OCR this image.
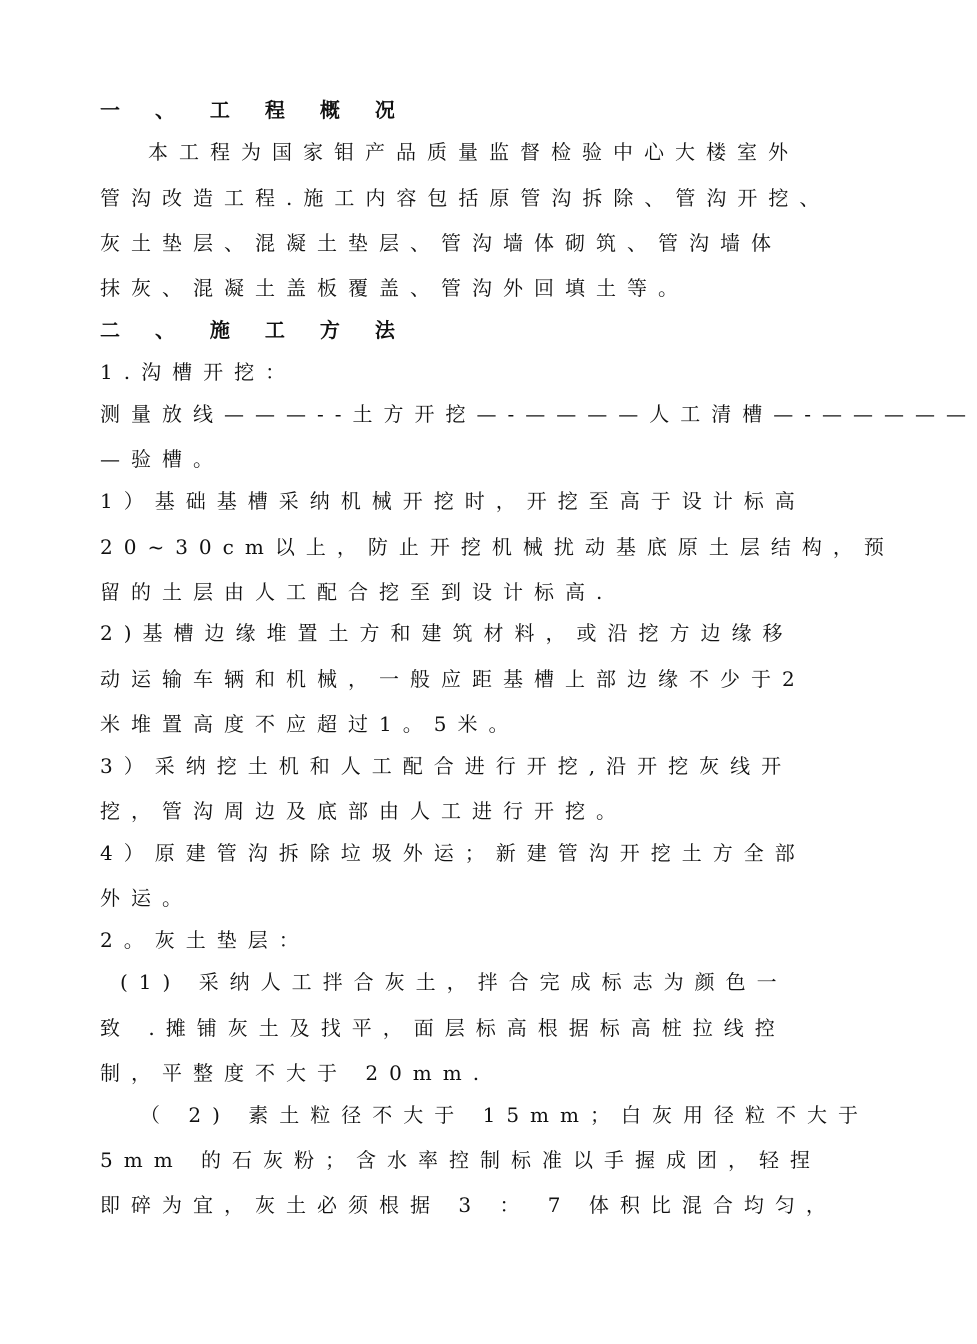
一 、 工 程 概 况
本工程为国家钼产品质量监督检验中心大楼室外
管沟改造工程.施工内容包括原管沟拆除、管沟开挖、
灰土垫层、混凝土垫层、管沟墙体砌筑、管沟墙体
抹灰、混凝土盖板覆盖、管沟外回填土等。
二 、 施 工 方 法
1.沟槽开挖：
测量放线———--土方开挖—-————人工清槽—-—————
—验槽。
1）基础基槽采纳机械开挖时，开挖至高于设计标高
20~30cm以上，防止开挖机械扰动基底原土层结构，预
留的土层由人工配合挖至到设计标高.
2)基槽边缘堆置土方和建筑材料，或沿挖方边缘移
动运输车辆和机械，一般应距基槽上部边缘不少于2
米堆置高度不应超过1。5米。
3）采纳挖土机和人工配合进行开挖,沿开挖灰线开
挖，管沟周边及底部由人工进行开挖。
4）原建管沟拆除垃圾外运；新建管沟开挖土方全部
外运。
2。灰土垫层：
(1) 采纳人工拌合灰土，拌合完成标志为颜色一
致 .摊铺灰土及找平，面层标高根据标高桩拉线控
制，平整度不大于 20mm.
（ 2) 素土粒径不大于 15mm；白灰用径粒不大于
5mm 的石灰粉；含水率控制标准以手握成团，轻捏
即碎为宜，灰土必须根据 3 ： 7 体积比混合均匀，
